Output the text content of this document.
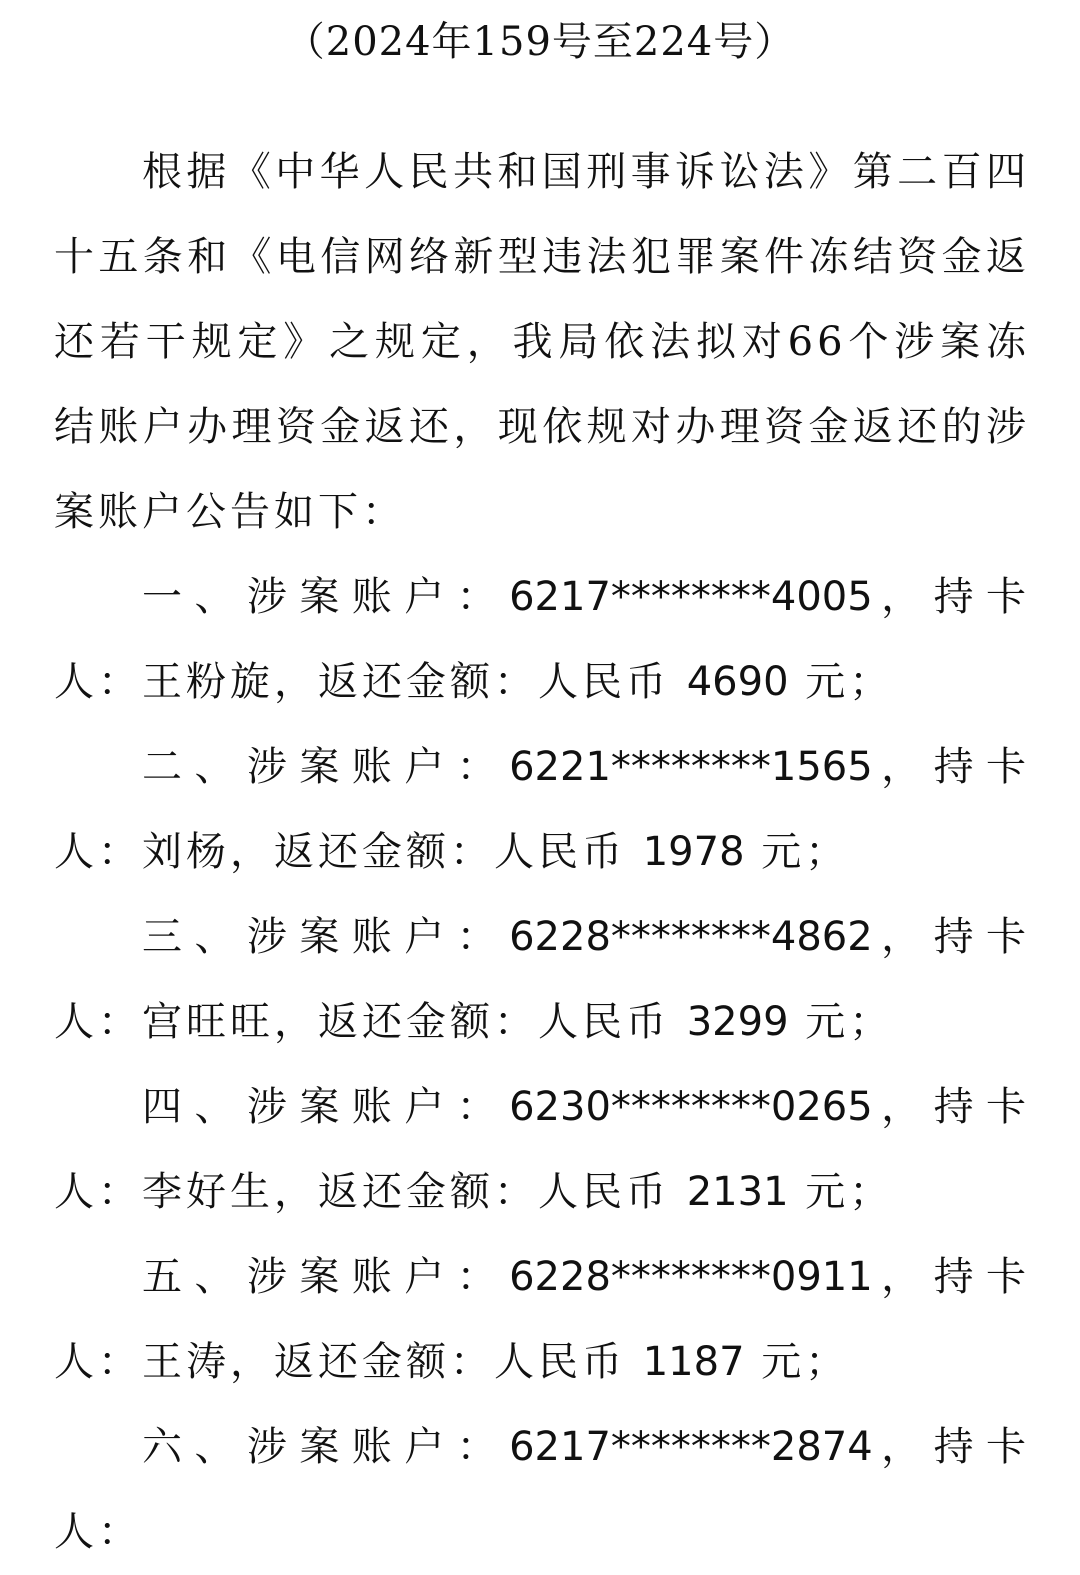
（2024年159号至224号）

根据《中华人民共和国刑事诉讼法》第二百四十五条和《电信网络新型违法犯罪案件冻结资金返还若干规定》之规定，我局依法拟对66个涉案冻结账户办理资金返还，现依规对办理资金返还的涉案账户公告如下：

一、涉案账户：6217********4005，持卡人：王粉旋，返还金额：人民币 4690 元；

二、涉案账户：6221********1565，持卡人：刘杨，返还金额：人民币 1978 元；

三、涉案账户：6228********4862，持卡人：宫旺旺，返还金额：人民币 3299 元；

四、涉案账户：6230********0265，持卡人：李好生，返还金额：人民币 2131 元；

五、涉案账户：6228********0911，持卡人：王涛，返还金额：人民币 1187 元；

六、涉案账户：6217********2874，持卡人：
